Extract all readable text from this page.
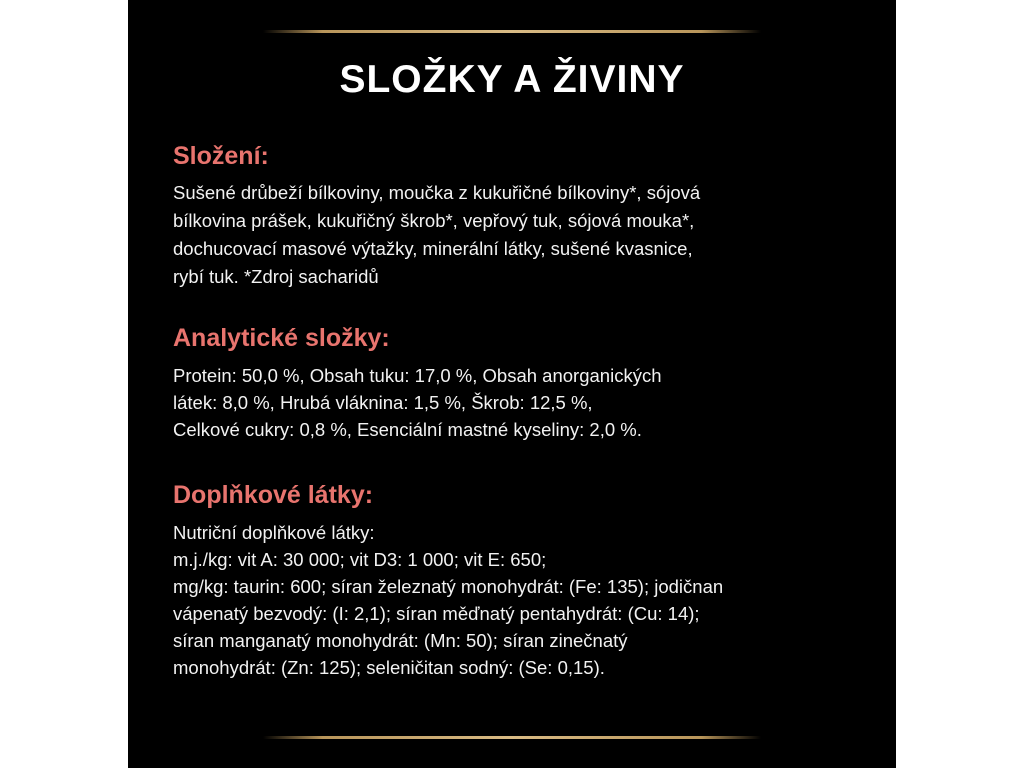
SLOŽKY A ŽIVINY
Složení:

Sušené drůbeží bílkoviny, moučka z kukuřičné bílkoviny*, sójová
bílkovina prášek, kukuřičný škrob*, vepřový tuk, sójová mouka*,
dochucovací masové výtažky, minerální látky, sušené kvasnice,
rybí tuk. *Zdroj sacharidů

Analytické složky:

Protein: 50,0 %, Obsah tuku: 17,0 %, Obsah anorganických
látek: 8,0 %, Hrubá vláknina: 1,5 %, Škrob: 12,5 %,
Celkové cukry: 0,8 %, Esenciální mastné kyseliny: 2,0 %.

Doplňkové látky:

Nutriční doplňkové látky:
m.j./kg: vit A: 30 000; vit D3: 1 000; vit E: 650;
mg/kg: taurin: 600; síran železnatý monohydrát: (Fe: 135); jodičnan
vápenatý bezvodý: (I: 2,1); síran měďnatý pentahydrát: (Cu: 14);
síran manganatý monohydrát: (Mn: 50); síran zinečnatý
monohydrát: (Zn: 125); seleničitan sodný: (Se: 0,15).
